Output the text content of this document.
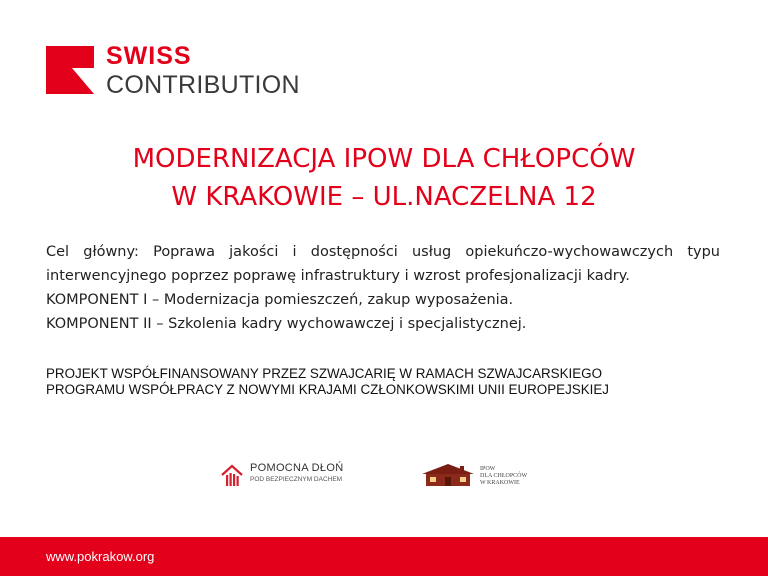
SWISS
CONTRIBUTION
MODERNIZACJA IPOW DLA CHŁOPCÓW
W KRAKOWIE – UL.NACZELNA 12

Cel główny: Poprawa jakości i dostępności usług opiekuńczo-wychowawczych typu

interwencyjnego poprzez poprawę infrastruktury i wzrost profesjonalizacji kadry.

KOMPONENT I – Modernizacja pomieszczeń, zakup wyposażenia.

KOMPONENT II – Szkolenia kadry wychowawczej i specjalistycznej.

PROJEKT WSPÓŁFINANSOWANY PRZEZ SZWAJCARIĘ W RAMACH SZWAJCARSKIEGO
PROGRAMU WSPÓŁPRACY Z NOWYMI KRAJAMI CZŁONKOWSKIMI UNII EUROPEJSKIEJ
POMOCNA DŁOŃ
POD BEZPIECZNYM DACHEM
IPOW
DLA CHŁOPCÓW
W KRAKOWIE
www.pokrakow.org
